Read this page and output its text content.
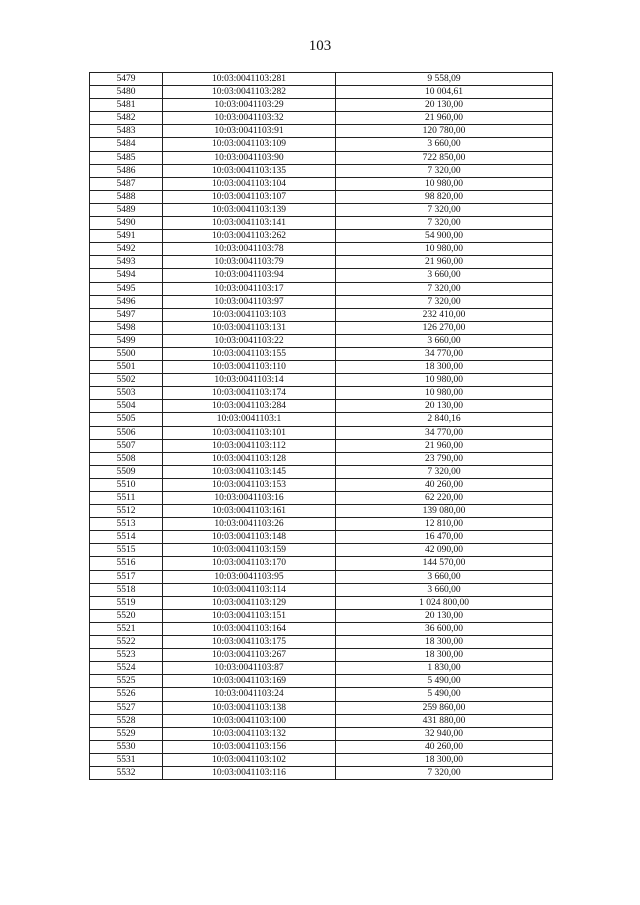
103
5479	10:03:0041103:281	9 558,09
5480	10:03:0041103:282	10 004,61
5481	10:03:0041103:29	20 130,00
5482	10:03:0041103:32	21 960,00
5483	10:03:0041103:91	120 780,00
5484	10:03:0041103:109	3 660,00
5485	10:03:0041103:90	722 850,00
5486	10:03:0041103:135	7 320,00
5487	10:03:0041103:104	10 980,00
5488	10:03:0041103:107	98 820,00
5489	10:03:0041103:139	7 320,00
5490	10:03:0041103:141	7 320,00
5491	10:03:0041103:262	54 900,00
5492	10:03:0041103:78	10 980,00
5493	10:03:0041103:79	21 960,00
5494	10:03:0041103:94	3 660,00
5495	10:03:0041103:17	7 320,00
5496	10:03:0041103:97	7 320,00
5497	10:03:0041103:103	232 410,00
5498	10:03:0041103:131	126 270,00
5499	10:03:0041103:22	3 660,00
5500	10:03:0041103:155	34 770,00
5501	10:03:0041103:110	18 300,00
5502	10:03:0041103:14	10 980,00
5503	10:03:0041103:174	10 980,00
5504	10:03:0041103:284	20 130,00
5505	10:03:0041103:1	2 840,16
5506	10:03:0041103:101	34 770,00
5507	10:03:0041103:112	21 960,00
5508	10:03:0041103:128	23 790,00
5509	10:03:0041103:145	7 320,00
5510	10:03:0041103:153	40 260,00
5511	10:03:0041103:16	62 220,00
5512	10:03:0041103:161	139 080,00
5513	10:03:0041103:26	12 810,00
5514	10:03:0041103:148	16 470,00
5515	10:03:0041103:159	42 090,00
5516	10:03:0041103:170	144 570,00
5517	10:03:0041103:95	3 660,00
5518	10:03:0041103:114	3 660,00
5519	10:03:0041103:129	1 024 800,00
5520	10:03:0041103:151	20 130,00
5521	10:03:0041103:164	36 600,00
5522	10:03:0041103:175	18 300,00
5523	10:03:0041103:267	18 300,00
5524	10:03:0041103:87	1 830,00
5525	10:03:0041103:169	5 490,00
5526	10:03:0041103:24	5 490,00
5527	10:03:0041103:138	259 860,00
5528	10:03:0041103:100	431 880,00
5529	10:03:0041103:132	32 940,00
5530	10:03:0041103:156	40 260,00
5531	10:03:0041103:102	18 300,00
5532	10:03:0041103:116	7 320,00
